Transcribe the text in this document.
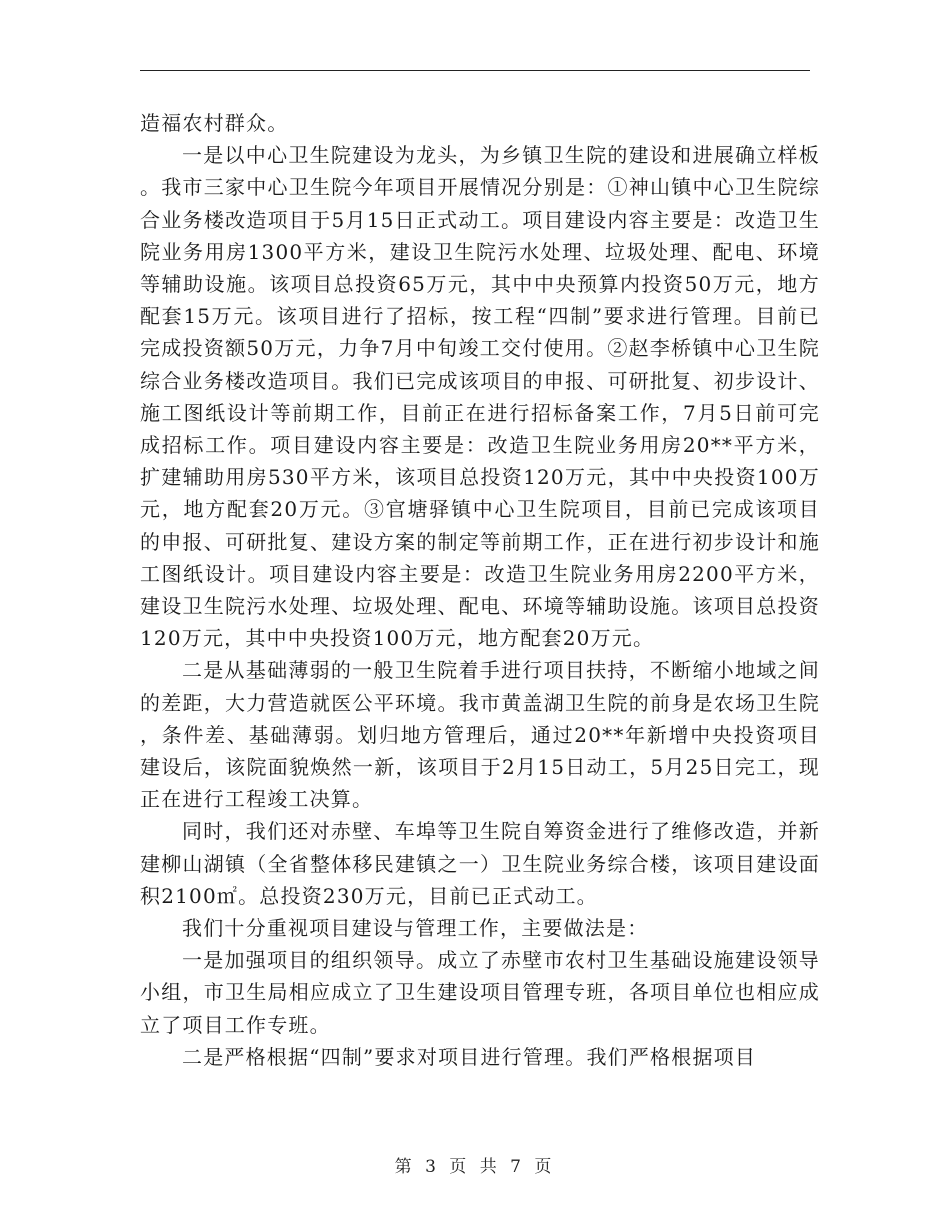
造福农村群众。

一是以中心卫生院建设为龙头，为乡镇卫生院的建设和进展确立样板。我市三家中心卫生院今年项目开展情况分别是：①神山镇中心卫生院综合业务楼改造项目于5月15日正式动工。项目建设内容主要是：改造卫生院业务用房1300平方米，建设卫生院污水处理、垃圾处理、配电、环境等辅助设施。该项目总投资65万元，其中中央预算内投资50万元，地方配套15万元。该项目进行了招标，按工程“四制”要求进行管理。目前已完成投资额50万元，力争7月中旬竣工交付使用。②赵李桥镇中心卫生院综合业务楼改造项目。我们已完成该项目的申报、可研批复、初步设计、施工图纸设计等前期工作，目前正在进行招标备案工作，7月5日前可完成招标工作。项目建设内容主要是：改造卫生院业务用房20**平方米，扩建辅助用房530平方米，该项目总投资120万元，其中中央投资100万元，地方配套20万元。③官塘驿镇中心卫生院项目，目前已完成该项目的申报、可研批复、建设方案的制定等前期工作，正在进行初步设计和施工图纸设计。项目建设内容主要是：改造卫生院业务用房2200平方米，建设卫生院污水处理、垃圾处理、配电、环境等辅助设施。该项目总投资120万元，其中中央投资100万元，地方配套20万元。

二是从基础薄弱的一般卫生院着手进行项目扶持，不断缩小地域之间的差距，大力营造就医公平环境。我市黄盖湖卫生院的前身是农场卫生院，条件差、基础薄弱。划归地方管理后，通过20**年新增中央投资项目建设后，该院面貌焕然一新，该项目于2月15日动工，5月25日完工，现正在进行工程竣工决算。

同时，我们还对赤壁、车埠等卫生院自筹资金进行了维修改造，并新建柳山湖镇（全省整体移民建镇之一）卫生院业务综合楼，该项目建设面积2100㎡。总投资230万元，目前已正式动工。

我们十分重视项目建设与管理工作，主要做法是：

一是加强项目的组织领导。成立了赤壁市农村卫生基础设施建设领导小组，市卫生局相应成立了卫生建设项目管理专班，各项目单位也相应成立了项目工作专班。

二是严格根据“四制”要求对项目进行管理。我们严格根据项目

第 3 页 共 7 页
